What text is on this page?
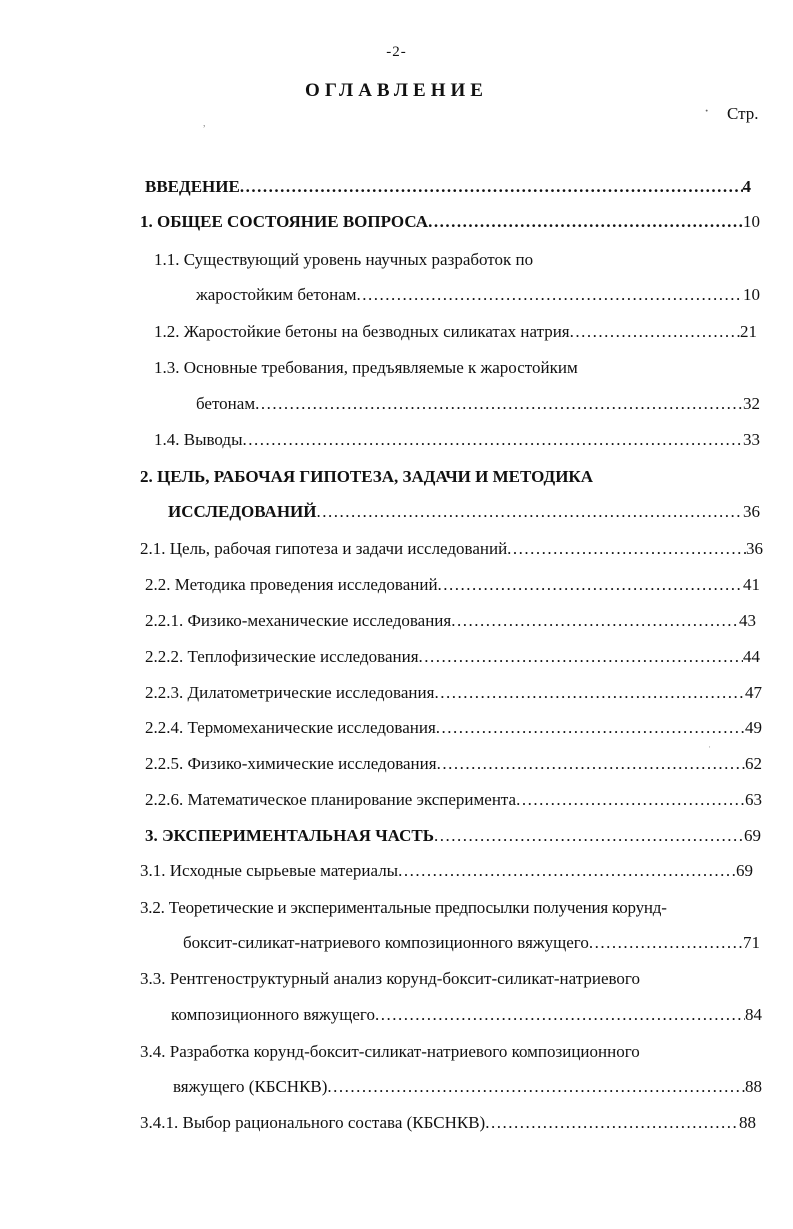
-2-
ОГЛАВЛЕНИЕ
· Стр.
,
·
ВВЕДЕНИЕ .....	4
1. ОБЩЕЕ СОСТОЯНИЕ ВОПРОСА .....	10
1.1. Существующий уровень научных разработок по
жаростойким бетонам .....	10
1.2. Жаростойкие бетоны на безводных силикатах натрия .....	21
1.3. Основные требования, предъявляемые к жаростойким
бетонам .....	32
1.4. Выводы .....	33
2. ЦЕЛЬ, РАБОЧАЯ ГИПОТЕЗА, ЗАДАЧИ И МЕТОДИКА
ИССЛЕДОВАНИЙ .....	36
2.1. Цель, рабочая гипотеза и задачи исследований .....	36
2.2. Методика проведения исследований .....	41
2.2.1. Физико-механические исследования .....	43
2.2.2. Теплофизические исследования .....	44
2.2.3. Дилатометрические исследования .....	47
2.2.4. Термомеханические исследования .....	49
2.2.5. Физико-химические исследования .....	62
2.2.6. Математическое планирование эксперимента .....	63
3. ЭКСПЕРИМЕНТАЛЬНАЯ ЧАСТЬ .....	69
3.1. Исходные сырьевые материалы .....	69
3.2. Теоретические и экспериментальные предпосылки получения корунд-
боксит-силикат-натриевого композиционного вяжущего .....	71
3.3. Рентгеноструктурный анализ корунд-боксит-силикат-натриевого
композиционного вяжущего .....	84
3.4. Разработка корунд-боксит-силикат-натриевого композиционного
вяжущего (КБСНКВ) .....	88
3.4.1. Выбор рационального состава (КБСНКВ) .....	88
